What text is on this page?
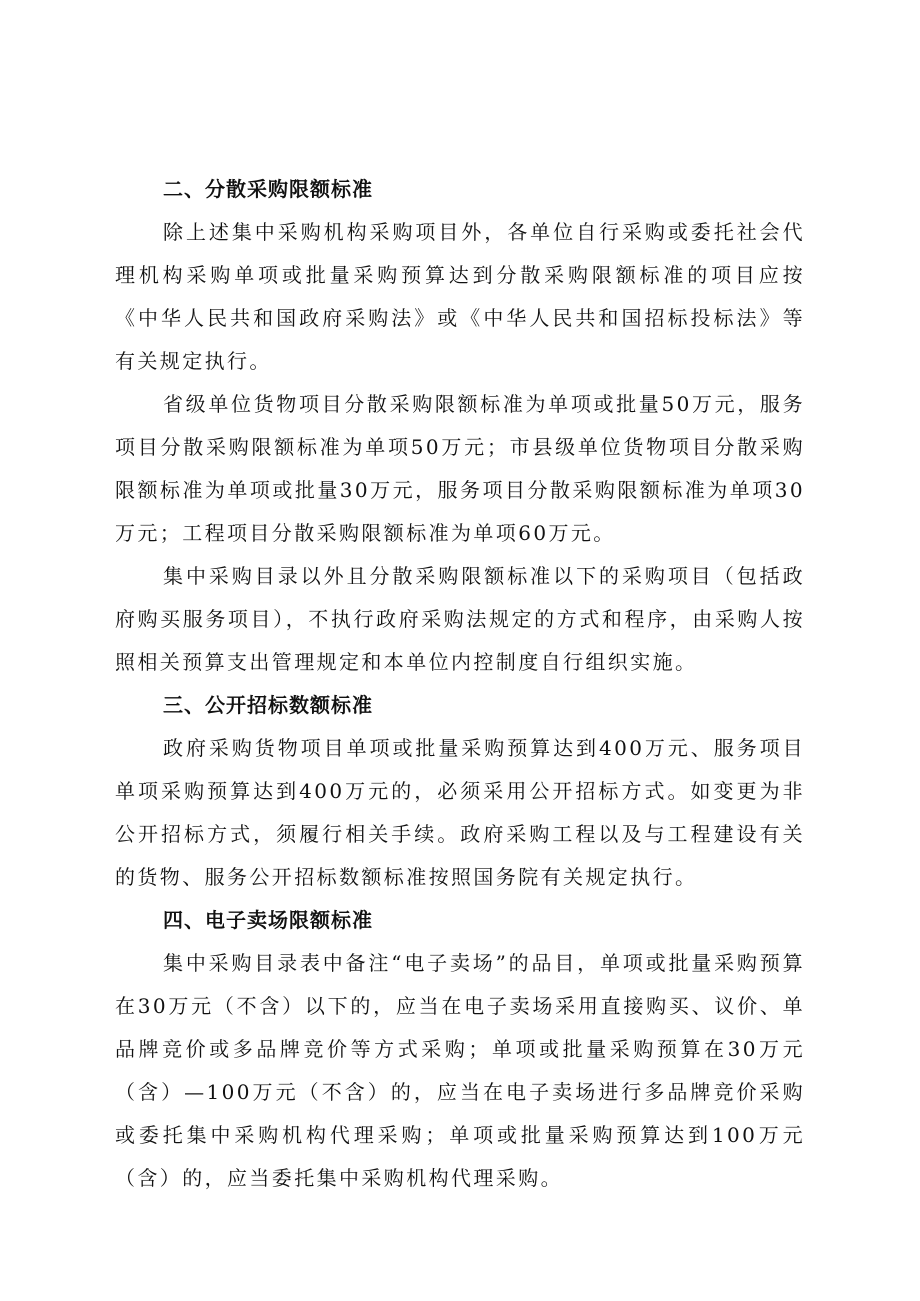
二、分散采购限额标准

除上述集中采购机构采购项目外，各单位自行采购或委托社会代理机构采购单项或批量采购预算达到分散采购限额标准的项目应按《中华人民共和国政府采购法》或《中华人民共和国招标投标法》等有关规定执行。

省级单位货物项目分散采购限额标准为单项或批量50万元，服务项目分散采购限额标准为单项50万元；市县级单位货物项目分散采购限额标准为单项或批量30万元，服务项目分散采购限额标准为单项30万元；工程项目分散采购限额标准为单项60万元。

集中采购目录以外且分散采购限额标准以下的采购项目（包括政府购买服务项目），不执行政府采购法规定的方式和程序，由采购人按照相关预算支出管理规定和本单位内控制度自行组织实施。

三、公开招标数额标准

政府采购货物项目单项或批量采购预算达到400万元、服务项目单项采购预算达到400万元的，必须采用公开招标方式。如变更为非公开招标方式，须履行相关手续。政府采购工程以及与工程建设有关的货物、服务公开招标数额标准按照国务院有关规定执行。

四、电子卖场限额标准

集中采购目录表中备注“电子卖场”的品目，单项或批量采购预算在30万元（不含）以下的，应当在电子卖场采用直接购买、议价、单品牌竞价或多品牌竞价等方式采购；单项或批量采购预算在30万元（含）—100万元（不含）的，应当在电子卖场进行多品牌竞价采购或委托集中采购机构代理采购；单项或批量采购预算达到100万元（含）的，应当委托集中采购机构代理采购。
